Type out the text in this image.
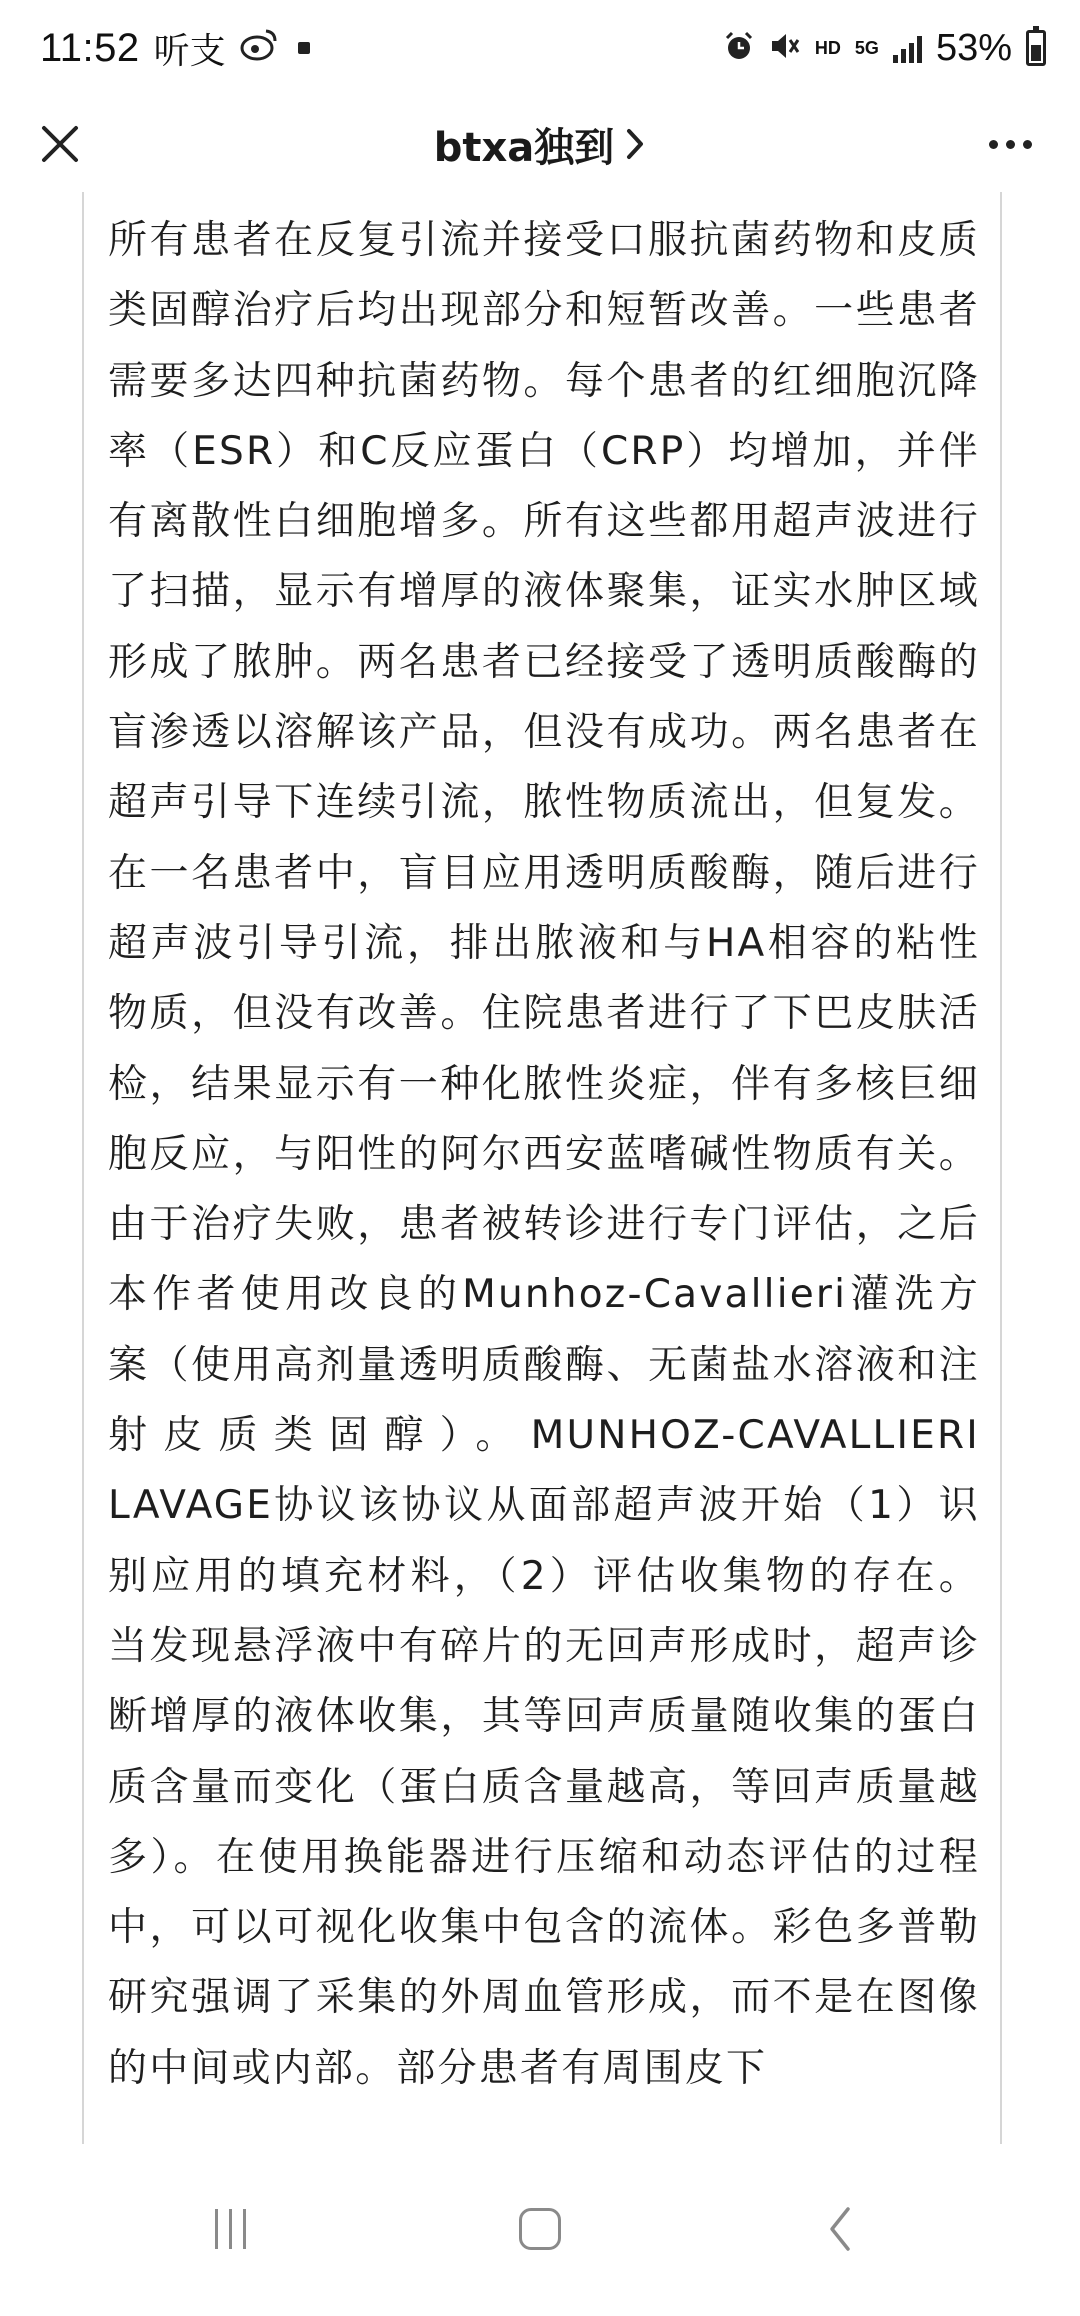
11:52 听支	HD 5G 53%
btxa独到

所有患者在反复引流并接受口服抗菌药物和皮质类固醇治疗后均出现部分和短暂改善。一些患者需要多达四种抗菌药物。每个患者的红细胞沉降率（ESR）和C反应蛋白（CRP）均增加，并伴有离散性白细胞增多。所有这些都用超声波进行了扫描，显示有增厚的液体聚集，证实水肿区域形成了脓肿。两名患者已经接受了透明质酸酶的盲渗透以溶解该产品，但没有成功。两名患者在超声引导下连续引流，脓性物质流出，但复发。在一名患者中，盲目应用透明质酸酶，随后进行超声波引导引流，排出脓液和与HA相容的粘性物质，但没有改善。住院患者进行了下巴皮肤活检，结果显示有一种化脓性炎症，伴有多核巨细胞反应，与阳性的阿尔西安蓝嗜碱性物质有关。由于治疗失败，患者被转诊进行专门评估，之后本作者使用改良的Munhoz-Cavallieri灌洗方案（使用高剂量透明质酸酶、无菌盐水溶液和注射皮质类固醇）。MUNHOZ-CAVALLIERI LAVAGE协议该协议从面部超声波开始（1）识别应用的填充材料，（2）评估收集物的存在。当发现悬浮液中有碎片的无回声形成时，超声诊断增厚的液体收集，其等回声质量随收集的蛋白质含量而变化（蛋白质含量越高，等回声质量越多）。在使用换能器进行压缩和动态评估的过程中，可以可视化收集中包含的流体。彩色多普勒研究强调了采集的外周血管形成，而不是在图像的中间或内部。部分患者有周围皮下
